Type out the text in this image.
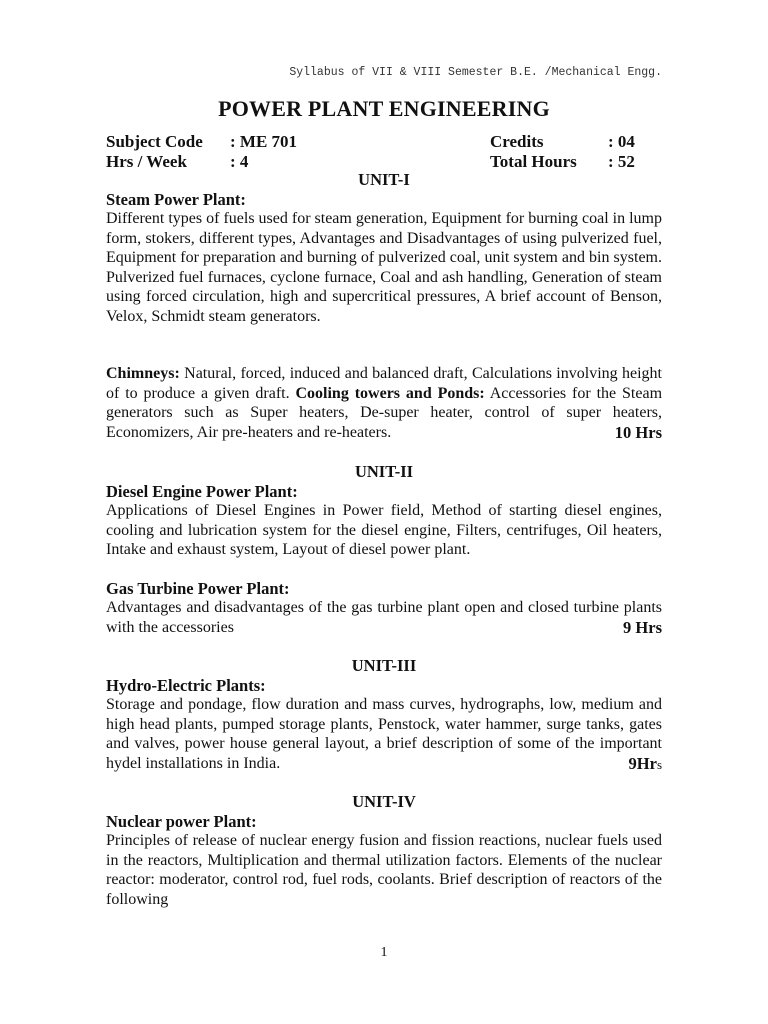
Syllabus of VII & VIII Semester B.E. /Mechanical Engg.
POWER PLANT ENGINEERING
Subject Code : ME 701	Credits	: 04
Hrs / Week	: 4	Total Hours : 52
UNIT-I
Steam Power Plant:

Different types of fuels used for steam generation, Equipment for burning coal in lump form, stokers, different types, Advantages and Disadvantages of using pulverized fuel, Equipment for preparation and burning of pulverized coal, unit system and bin system. Pulverized fuel furnaces, cyclone furnace, Coal and ash handling, Generation of steam using forced circulation, high and supercritical pressures, A brief account of Benson, Velox, Schmidt steam generators.

Chimneys: Natural, forced, induced and balanced draft, Calculations involving height of to produce a given draft. Cooling towers and Ponds: Accessories for the Steam generators such as Super heaters, De-super heater, control of super heaters, Economizers, Air pre-heaters and re-heaters.	10 Hrs

UNIT-II
Diesel Engine Power Plant:

Applications of Diesel Engines in Power field, Method of starting diesel engines, cooling and lubrication system for the diesel engine, Filters, centrifuges, Oil heaters, Intake and exhaust system, Layout of diesel power plant.

Gas Turbine Power Plant:

Advantages and disadvantages of the gas turbine plant open and closed turbine plants with the accessories	9 Hrs

UNIT-III
Hydro-Electric Plants:

Storage and pondage, flow duration and mass curves, hydrographs, low, medium and high head plants, pumped storage plants, Penstock, water hammer, surge tanks, gates and valves, power house general layout, a brief description of some of the important hydel installations in India.	9Hrs

UNIT-IV
Nuclear power Plant:

Principles of release of nuclear energy fusion and fission reactions, nuclear fuels used in the reactors, Multiplication and thermal utilization factors. Elements of the nuclear reactor: moderator, control rod, fuel rods, coolants. Brief description of reactors of the following

1
